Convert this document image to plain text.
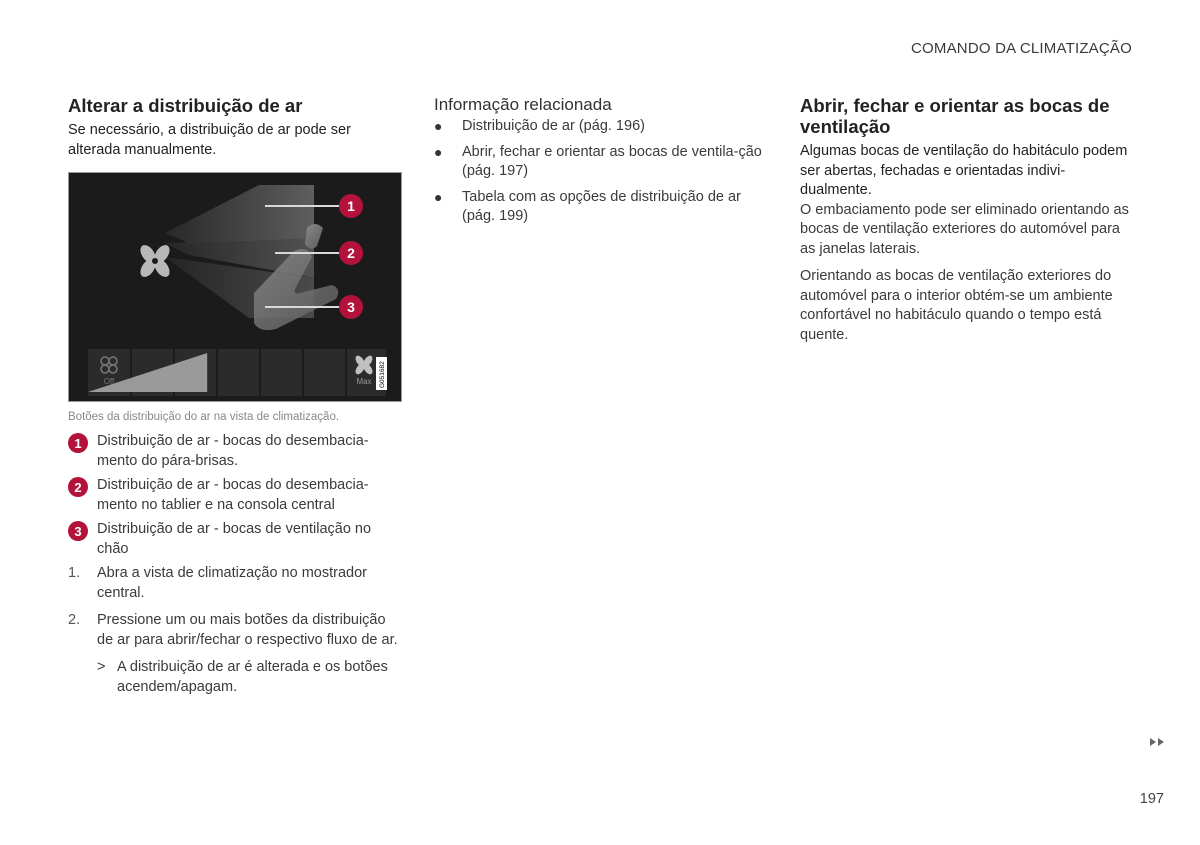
COMANDO DA CLIMATIZAÇÃO
Alterar a distribuição de ar

Se necessário, a distribuição de ar pode ser alterada manualmente.

1
2
3
Off	Max G051682
Botões da distribuição do ar na vista de climatização.
1	Distribuição de ar - bocas do desembacia-mento do pára-brisas.
2	Distribuição de ar - bocas do desembacia-mento no tablier e na consola central
3	Distribuição de ar - bocas de ventilação no chão
1.	Abra a vista de climatização no mostrador central.
2.	Pressione um ou mais botões da distribuição de ar para abrir/fechar o respectivo fluxo de ar.
> A distribuição de ar é alterada e os botões acendem/apagam.
Informação relacionada
●	Distribuição de ar (pág. 196)
●	Abrir, fechar e orientar as bocas de ventila-ção (pág. 197)
●	Tabela com as opções de distribuição de ar (pág. 199)
Abrir, fechar e orientar as bocas de ventilação

Algumas bocas de ventilação do habitáculo podem ser abertas, fechadas e orientadas indivi-dualmente.

O embaciamento pode ser eliminado orientando as bocas de ventilação exteriores do automóvel para as janelas laterais.

Orientando as bocas de ventilação exteriores do automóvel para o interior obtém-se um ambiente confortável no habitáculo quando o tempo está quente.

197
